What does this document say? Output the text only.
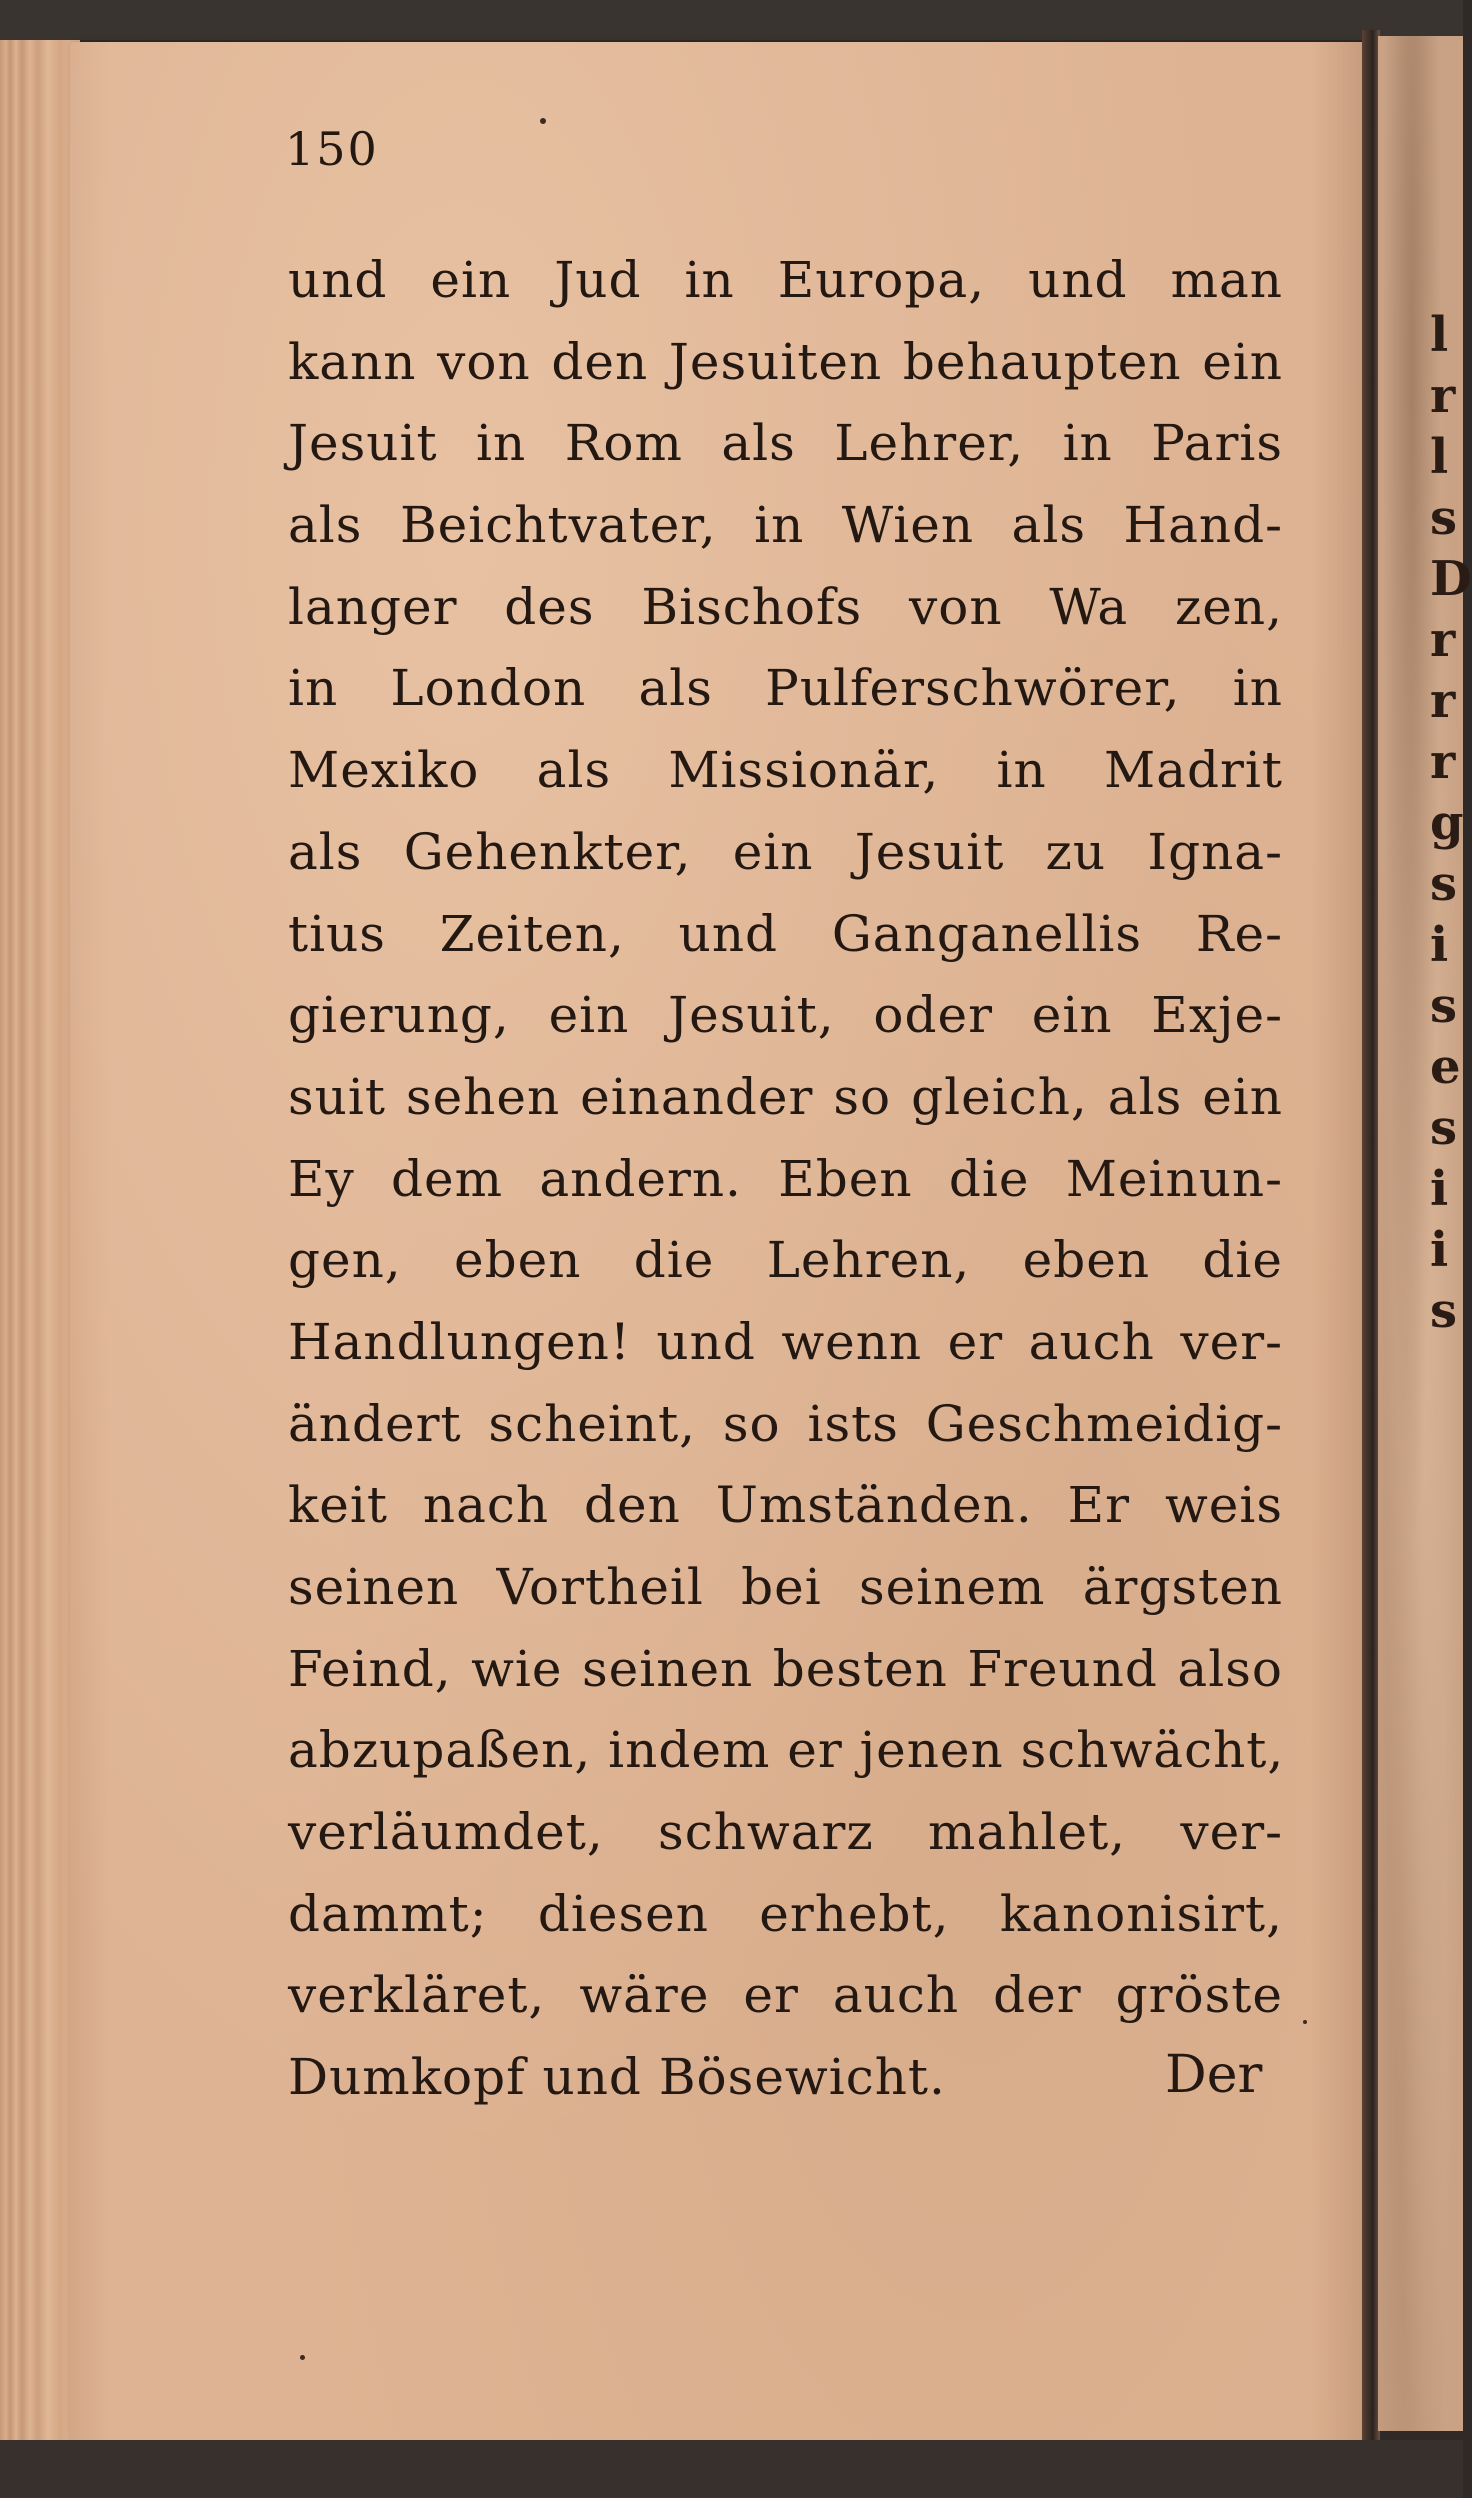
150
und ein Jud in Europa, und man
kann von den Jesuiten behaupten ein
Jesuit in Rom als Lehrer, in Paris
als Beichtvater, in Wien als Hand-
langer des Bischofs von Wa zen,
in London als Pulferschwörer, in
Mexiko als Missionär, in Madrit
als Gehenkter, ein Jesuit zu Igna-
tius Zeiten, und Ganganellis Re-
gierung, ein Jesuit, oder ein Exje-
suit sehen einander so gleich, als ein
Ey dem andern. Eben die Meinun-
gen, eben die Lehren, eben die
Handlungen! und wenn er auch ver-
ändert scheint, so ists Geschmeidig-
keit nach den Umständen. Er weis
seinen Vortheil bei seinem ärgsten
Feind, wie seinen besten Freund also
abzupaßen, indem er jenen schwächt,
verläumdet, schwarz mahlet, ver-
dammt; diesen erhebt, kanonisirt,
verkläret, wäre er auch der gröste
Dumkopf und Bösewicht.	Der
l
r
l
s
D
r
r
r
g
s
i
s
e
s
i
i
s
